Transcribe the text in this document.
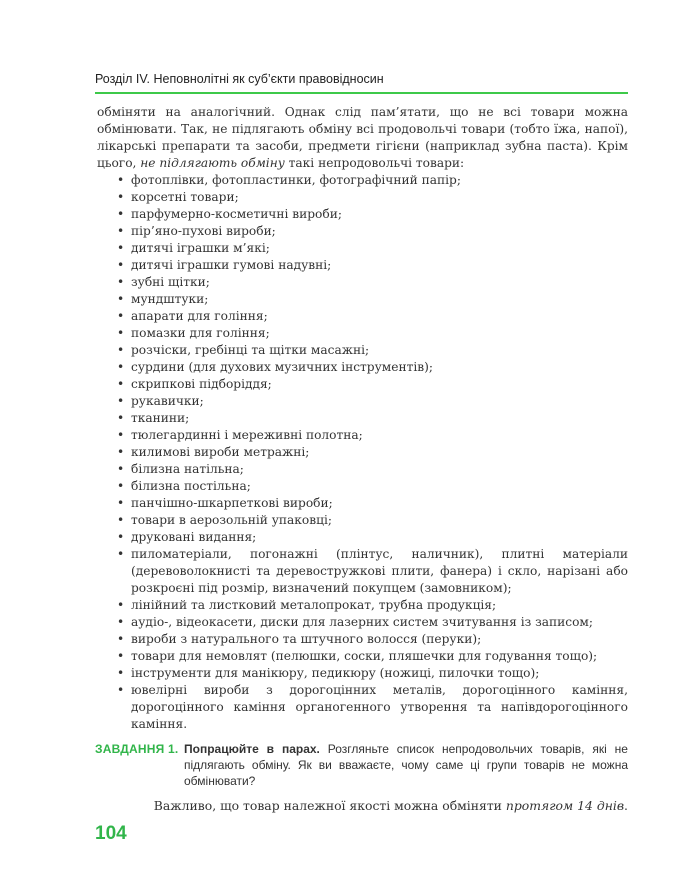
Розділ IV. Неповнолітні як суб’єкти правовідносин

обміняти на аналогічний. Однак слід пам’ятати, що не всі товари можна обмінювати. Так, не підлягають обміну всі продовольчі товари (тобто їжа, напої), лікарські препарати та засоби, предмети гігієни (наприклад зубна паста). Крім цього, не підлягають обміну такі непродовольчі товари:

• фотоплівки, фотопластинки, фотографічний папір;
• корсетні товари;
• парфумерно-косметичні вироби;
• пір’яно-пухові вироби;
• дитячі іграшки м’які;
• дитячі іграшки гумові надувні;
• зубні щітки;
• мундштуки;
• апарати для гоління;
• помазки для гоління;
• розчіски, гребінці та щітки масажні;
• сурдини (для духових музичних інструментів);
• скрипкові підборіддя;
• рукавички;
• тканини;
• тюлегардинні і мереживні полотна;
• килимові вироби метражні;
• білизна натільна;
• білизна постільна;
• панчішно-шкарпеткові вироби;
• товари в аерозольній упаковці;
• друковані видання;
• пиломатеріали, погонажні (плінтус, наличник), плитні матеріали (деревоволокнисті та деревостружкові плити, фанера) і скло, нарізані або розкроєні під розмір, визначений покупцем (замовником);
• лінійний та листковий металопрокат, трубна продукція;
• аудіо-, відеокасети, диски для лазерних систем зчитування із записом;
• вироби з натурального та штучного волосся (перуки);
• товари для немовлят (пелюшки, соски, пляшечки для годування тощо);
• інструменти для манікюру, педикюру (ножиці, пилочки тощо);
• ювелірні вироби з дорогоцінних металів, дорогоцінного каміння, дорогоцінного каміння органогенного утворення та напівдорогоцінного каміння.
ЗАВДАННЯ 1. Попрацюйте в парах. Розгляньте список непродовольчих товарів, які не підлягають обміну. Як ви вважаєте, чому саме ці групи товарів не можна обмінювати?
Важливо, що товар належної якості можна обміняти протягом 14 днів.
104
